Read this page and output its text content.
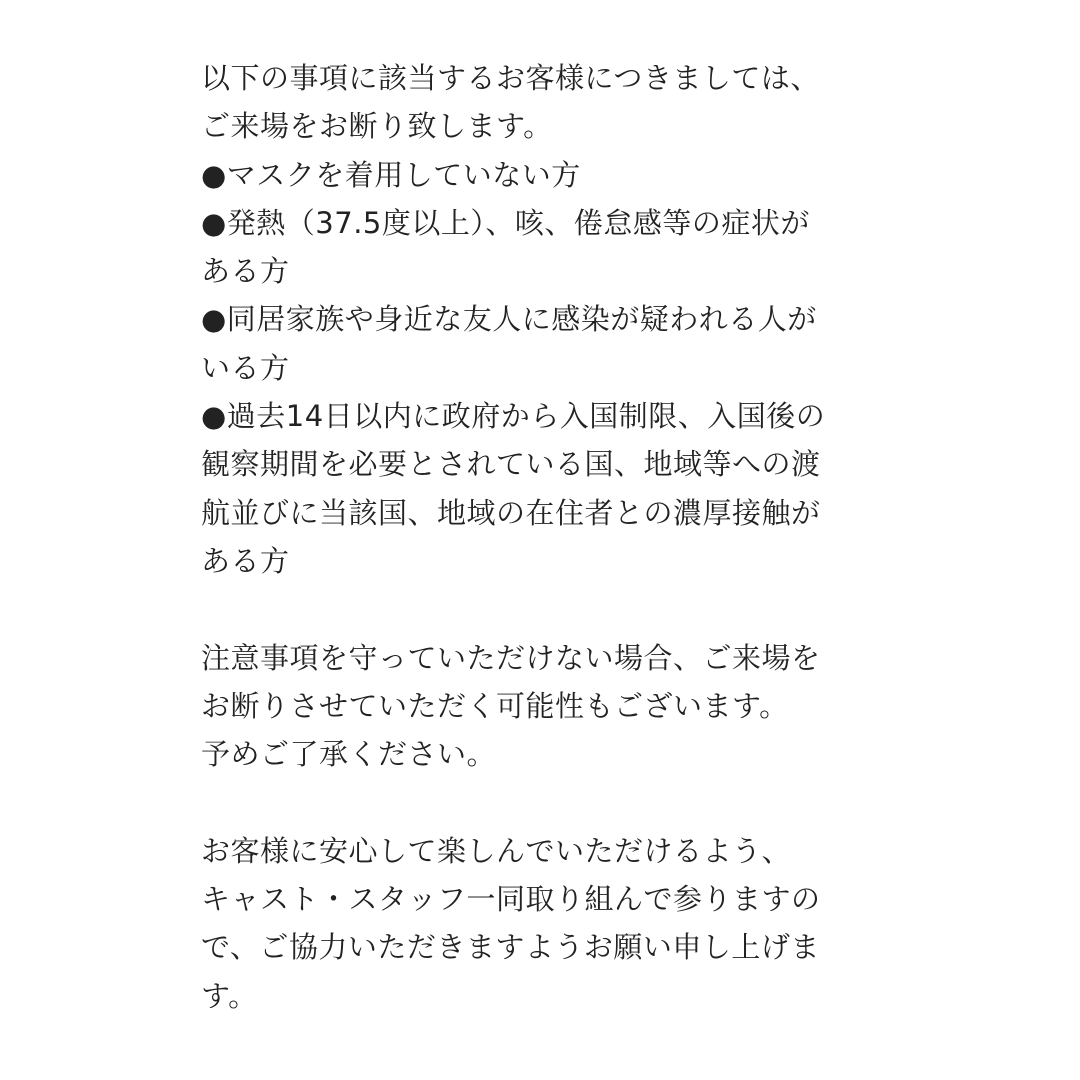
以下の事項に該当するお客様につきましては、
ご来場をお断り致します。
●マスクを着用していない方
●発熱（37.5度以上）、咳、倦怠感等の症状が
ある方
●同居家族や身近な友人に感染が疑われる人が
いる方
●過去14日以内に政府から入国制限、入国後の
観察期間を必要とされている国、地域等への渡
航並びに当該国、地域の在住者との濃厚接触が
ある方
注意事項を守っていただけない場合、ご来場を
お断りさせていただく可能性もございます。
予めご了承ください。
お客様に安心して楽しんでいただけるよう、
キャスト・スタッフ一同取り組んで参りますの
で、ご協力いただきますようお願い申し上げま
す。
